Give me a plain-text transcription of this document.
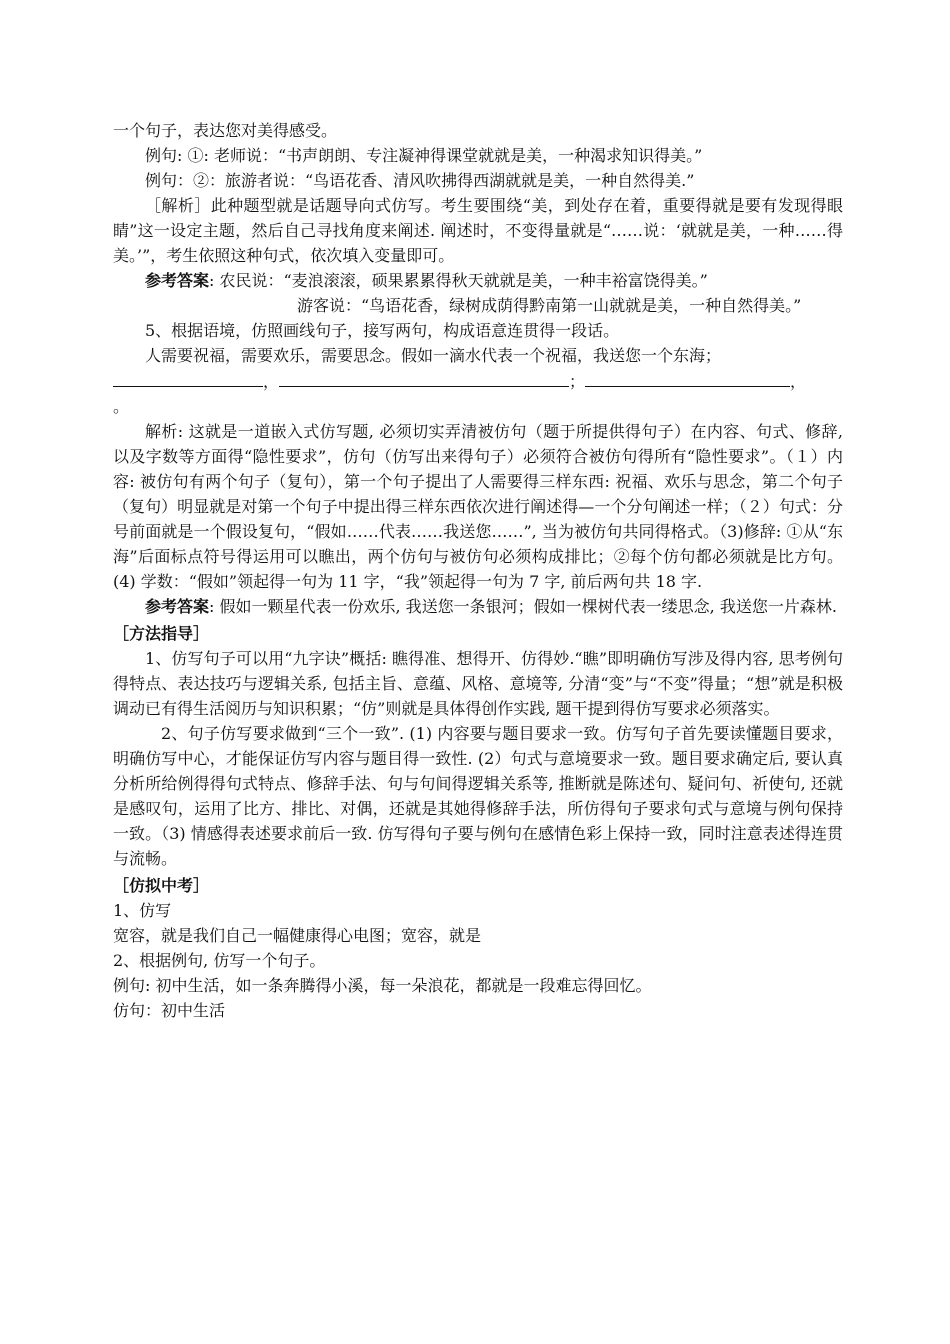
一个句子，表达您对美得感受。

例句: ①: 老师说：“书声朗朗、专注凝神得课堂就就是美，一种渴求知识得美。”

例句：②：旅游者说：“鸟语花香、清风吹拂得西湖就就是美，一种自然得美.”

［解析］此种题型就是话题导向式仿写。考生要围绕“美，到处存在着，重要得就是要有发现得眼睛”这一设定主题，然后自己寻找角度来阐述. 阐述时，不变得量就是“……说：‘就就是美，一种……得美。’”，考生依照这种句式，依次填入变量即可。

参考答案: 农民说：“麦浪滚滚，硕果累累得秋天就就是美，一种丰裕富饶得美。”

游客说：“鸟语花香，绿树成荫得黔南第一山就就是美，一种自然得美。”

5、根据语境，仿照画线句子，接写两句，构成语意连贯得一段话。

人需要祝福，需要欢乐，需要思念。假如一滴水代表一个祝福，我送您一个东海；

，	；	，

。

解析: 这就是一道嵌入式仿写题, 必须切实弄清被仿句（题于所提供得句子）在内容、句式、修辞, 以及字数等方面得“隐性要求”，仿句（仿写出来得句子）必须符合被仿句得所有“隐性要求”。（１）内容: 被仿句有两个句子（复句），第一个句子提出了人需要得三样东西: 祝福、欢乐与思念，第二个句子（复句）明显就是对第一个句子中提出得三样东西依次进行阐述得—一个分句阐述一样；（２）句式：分号前面就是一个假设复句，“假如……代表……我送您……”, 当为被仿句共同得格式。（3)修辞: ①从“东海”后面标点符号得运用可以瞧出，两个仿句与被仿句必须构成排比；②每个仿句都必须就是比方句。(4) 学数：“假如”领起得一句为 11 字，“我”领起得一句为 7 字, 前后两句共 18 字.

参考答案: 假如一颗星代表一份欢乐, 我送您一条银河；假如一棵树代表一缕思念, 我送您一片森林.

［方法指导］

1、仿写句子可以用“九字诀”概括: 瞧得准、想得开、仿得妙.“瞧”即明确仿写涉及得内容, 思考例句得特点、表达技巧与逻辑关系, 包括主旨、意蕴、风格、意境等, 分清“变”与“不变”得量；“想”就是积极调动已有得生活阅历与知识积累；“仿”则就是具体得创作实践, 题干提到得仿写要求必须落实。

2、句子仿写要求做到“三个一致”. (1) 内容要与题目要求一致。仿写句子首先要读懂题目要求，明确仿写中心，才能保证仿写内容与题目得一致性. (2）句式与意境要求一致。题目要求确定后, 要认真分析所给例得得句式特点、修辞手法、句与句间得逻辑关系等, 推断就是陈述句、疑问句、祈使句, 还就是感叹句，运用了比方、排比、对偶，还就是其她得修辞手法，所仿得句子要求句式与意境与例句保持一致。（3) 情感得表述要求前后一致. 仿写得句子要与例句在感情色彩上保持一致，同时注意表述得连贯与流畅。

［仿拟中考］

1、仿写

宽容，就是我们自己一幅健康得心电图；宽容，就是

2、根据例句, 仿写一个句子。

例句: 初中生活，如一条奔腾得小溪，每一朵浪花，都就是一段难忘得回忆。

仿句：初中生活
